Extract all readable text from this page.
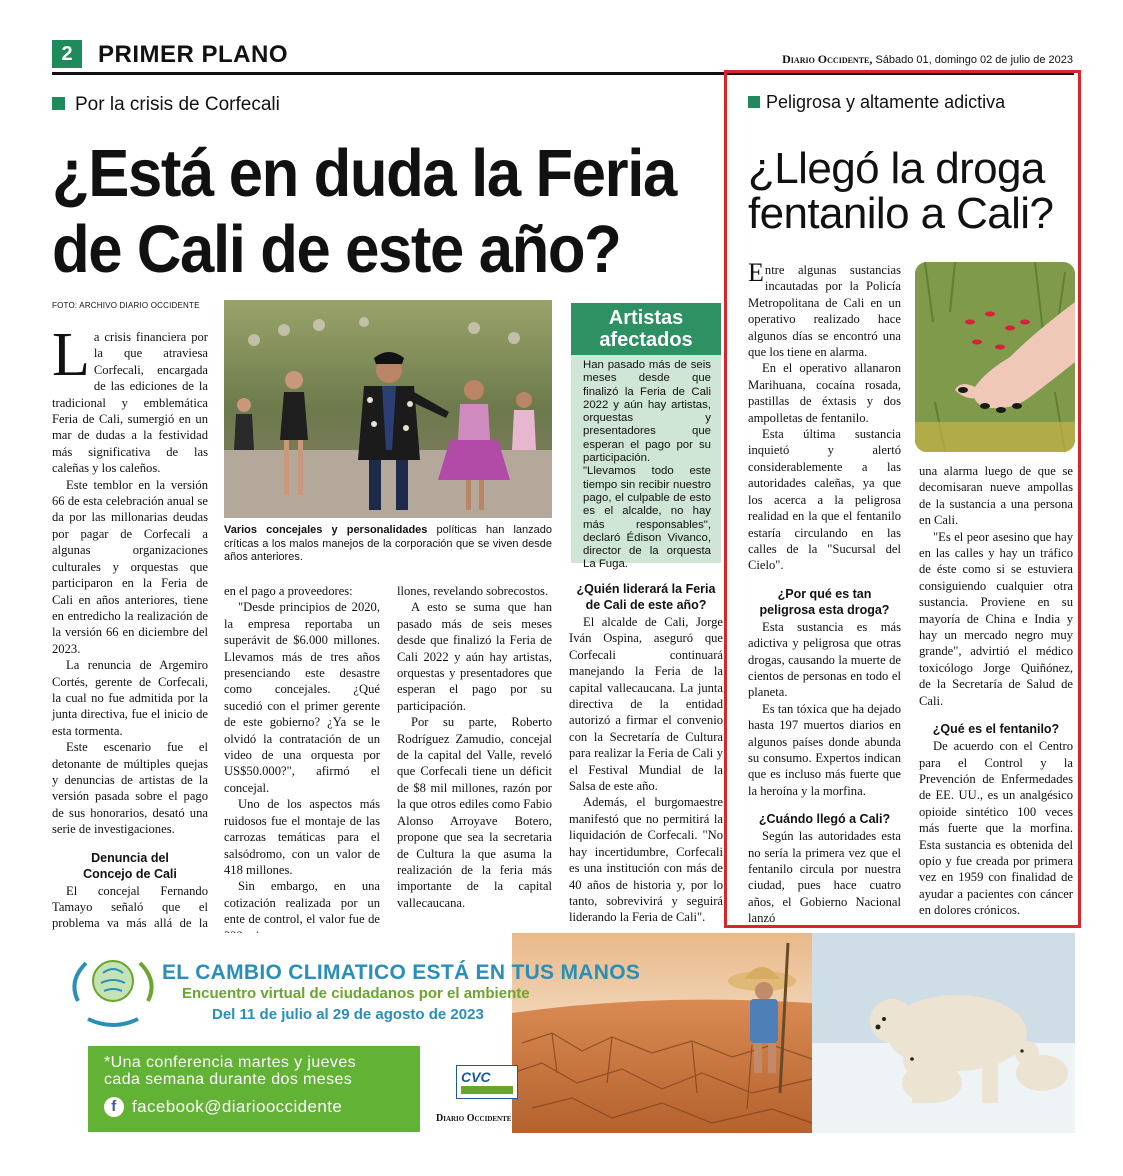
2	PRIMER PLANO	Diario Occidente, Sábado 01, domingo 02 de julio de 2023
Por la crisis de Corfecali
¿Está en duda la Feria
de Cali de este año?
FOTO: ARCHIVO DIARIO OCCIDENTE

La crisis financiera por la que atraviesa Corfecali, encargada de las ediciones de la tradicional y emblemática Feria de Cali, sumergió en un mar de dudas a la festividad más significativa de las caleñas y los caleños.

Este temblor en la versión 66 de esta celebración anual se da por las millonarias deudas por pagar de Corfecali a algunas organizaciones culturales y orquestas que participaron en la Feria de Cali en años anteriores, tiene en entredicho la realización de la versión 66 en diciembre del 2023.

La renuncia de Argemiro Cortés, gerente de Corfecali, la cual no fue admitida por la junta directiva, fue el inicio de esta tormenta.

Este escenario fue el detonante de múltiples quejas y denuncias de artistas de la versión pasada sobre el pago de sus honorarios, desató una serie de investigaciones.

Denuncia del
Concejo de Cali

El concejal Fernando Tamayo señaló que el problema va más allá de la

Varios concejales y personalidades políticas han lanzado críticas a los malos manejos de la corporación que se viven desde años anteriores.

en el pago a proveedores:

"Desde principios de 2020, la empresa reportaba un superávit de $6.000 millones. Llevamos más de tres años presenciando este desastre como concejales. ¿Qué sucedió con el primer gerente de este gobierno? ¿Ya se le olvidó la contratación de un video de una orquesta por US$50.000?", afirmó el concejal.

Uno de los aspectos más ruidosos fue el montaje de las carrozas temáticas para el salsódromo, con un valor de 418 millones.

Sin embargo, en una cotización realizada por un ente de control, el valor fue de

llones, revelando sobrecostos.

A esto se suma que han pasado más de seis meses desde que finalizó la Feria de Cali 2022 y aún hay artistas, orquestas y presentadores que esperan el pago por su participación.

Por su parte, Roberto Rodríguez Zamudio, concejal de la capital del Valle, reveló que Corfecali tiene un déficit de $8 mil millones, razón por la que otros ediles como Fabio Alonso Arroyave Botero, propone que sea la secretaria de Cultura la que asuma la realización de la feria más importante de la capital vallecaucana.

Artistas
afectados

Han pasado más de seis meses desde que finalizó la Feria de Cali 2022 y aún hay artistas, orquestas y presentadores que esperan el pago por su participación.

"Llevamos todo este tiempo sin recibir nuestro pago, el culpable de esto es el alcalde, no hay más responsables", declaró Édison Vivanco, director de la orquesta La Fuga.

¿Quién liderará la Feria
de Cali de este año?

El alcalde de Cali, Jorge Iván Ospina, aseguró que Corfecali continuará manejando la Feria de la capital vallecaucana. La junta directiva de la entidad autorizó a firmar el convenio con la Secretaría de Cultura para realizar la Feria de Cali y el Festival Mundial de la Salsa de este año.

Además, el burgomaestre manifestó que no permitirá la liquidación de Corfecali. "No hay incertidumbre, Corfecali es una institución con más de 40 años de historia y, por lo tanto, sobrevivirá y seguirá liderando la Feria de Cali".

Peligrosa y altamente adictiva
¿Llegó la droga
fentanilo a Cali?

Entre algunas sustancias incautadas por la Policía Metropolitana de Cali en un operativo realizado hace algunos días se encontró una que los tiene en alarma.

En el operativo allanaron Marihuana, cocaína rosada, pastillas de éxtasis y dos ampolletas de fentanilo.

Esta última sustancia inquietó y alertó considerablemente a las autoridades caleñas, ya que los acerca a la peligrosa realidad en la que el fentanilo estaría circulando en las calles de la "Sucursal del Cielo".

¿Por qué es tan
peligrosa esta droga?

Esta sustancia es más adictiva y peligrosa que otras drogas, causando la muerte de cientos de personas en todo el planeta.

Es tan tóxica que ha dejado hasta 197 muertos diarios en algunos países donde abunda su consumo. Expertos indican que es incluso más fuerte que la heroína y la morfina.

¿Cuándo llegó a Cali?

Según las autoridades esta no sería la primera vez que el fentanilo circula por nuestra ciudad, pues hace cuatro años, el Gobierno Nacional lanzó

una alarma luego de que se decomisaran nueve ampollas de la sustancia a una persona en Cali.

"Es el peor asesino que hay en las calles y hay un tráfico de éste como si se estuviera consiguiendo cualquier otra sustancia. Proviene en su mayoría de China e India y hay un mercado negro muy grande", advirtió el médico toxicólogo Jorge Quiñónez, de la Secretaría de Salud de Cali.

¿Qué es el fentanilo?

De acuerdo con el Centro para el Control y la Prevención de Enfermedades de EE. UU., es un analgésico opioide sintético 100 veces más fuerte que la morfina. Esta sustancia es obtenida del opio y fue creada por primera vez en 1959 con finalidad de ayudar a pacientes con cáncer en dolores crónicos.

EL CAMBIO CLIMATICO ESTÁ EN TUS MANOS
Encuentro virtual de ciudadanos por el ambiente
Del 11 de julio al 29 de agosto de 2023
*Una conferencia martes y jueves
cada semana durante dos meses
f facebook@diariooccidente
CVC
Diario Occidente
